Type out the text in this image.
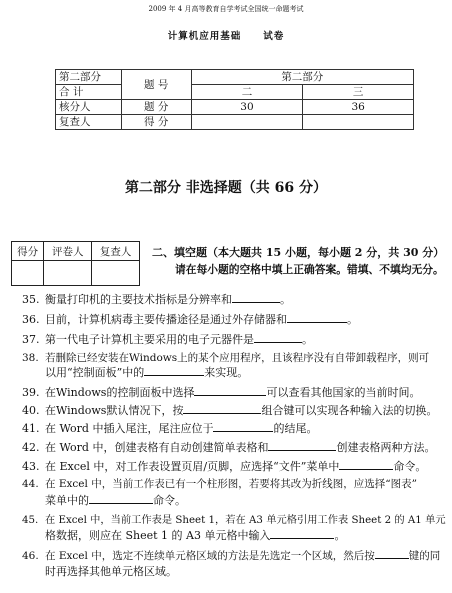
2009 年 4 月高等教育自学考试全国统一命题考试
计算机应用基础 试卷
第二部分	题 号	第二部分	
合 计		二	三
核分人	题 分	30	36
复查人	得 分		
第二部分 非选择题（共 66 分）
得分	评卷人	复查人
		二、填空题（本大题共 15 小题，每小题 2 分，共 30 分）
请在每小题的空格中填上正确答案。错填、不填均无分。
35. 衡量打印机的主要技术指标是分辨率和	。
36. 目前，计算机病毒主要传播途径是通过外存储器和	。
37. 第一代电子计算机主要采用的电子元器件是	。
38. 若删除已经安装在Windows上的某个应用程序，且该程序没有自带卸载程序，则可
以用“控制面板”中的	来实现。
39. 在Windows的控制面板中选择	可以查看其他国家的当前时间。
40. 在Windows默认情况下，按	组合键可以实现各种输入法的切换。
41. 在 Word 中插入尾注，尾注应位于	的结尾。
42. 在 Word 中，创建表格有自动创建简单表格和	创建表格两种方法。
43. 在 Excel 中，对工作表设置页眉/页脚，应选择“文件”菜单中	命令。
44. 在 Excel 中，当前工作表已有一个柱形图，若要将其改为折线图，应选择“图表”
菜单中的	命令。
45. 在 Excel 中，当前工作表是 Sheet 1，若在 A3 单元格引用工作表 Sheet 2 的 A1 单元
格数据，则应在 Sheet 1 的 A3 单元格中输入	。
46. 在 Excel 中，选定不连续单元格区域的方法是先选定一个区域，然后按	键的同
时再选择其他单元格区域。
